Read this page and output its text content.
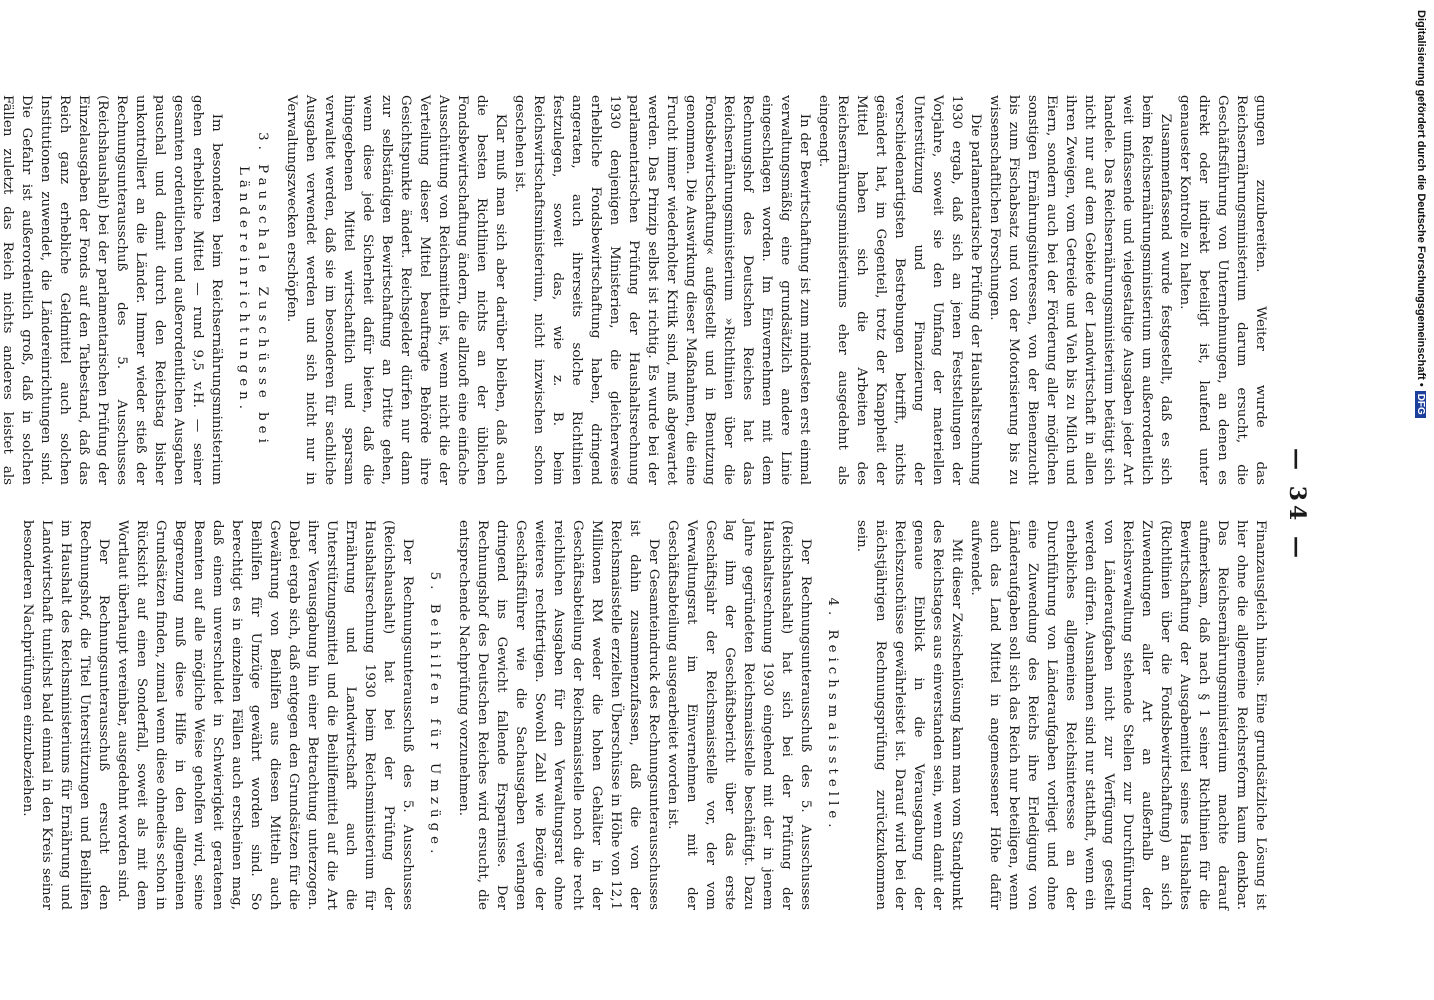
— 34 —

gungen zuzubereiten. Weiter wurde das Reichsernährungsministerium darum ersucht, die Geschäftsführung von Unternehmungen, an denen es direkt oder indirekt beteiligt ist, laufend unter genauester Kontrolle zu halten.

Zusammenfassend wurde festgestellt, daß es sich beim Reichsernährungsministerium um außerordentlich weit umfassende und vielgestaltige Ausgaben jeder Art handele. Das Reichsernährungsministerium betätigt sich nicht nur auf dem Gebiete der Landwirtschaft in allen ihren Zweigen, vom Getreide und Vieh bis zu Milch und Eiern, sondern auch bei der Förderung aller möglichen sonstigen Ernährungsinteressen, von der Bienenzucht bis zum Fischabsatz und von der Motorisierung bis zu wissenschaftlichen Forschungen.

Die parlamentarische Prüfung der Haushaltsrechnung 1930 ergab, daß sich an jenen Feststellungen der Vorjahre, soweit sie den Umfang der materiellen Unterstützung und Finanzierung der verschiedenartigsten Bestrebungen betrifft, nichts geändert hat, im Gegenteil, trotz der Knappheit der Mittel haben sich die Arbeiten des Reichsernährungsministeriums eher ausgedehnt als eingeengt.

In der Bewirtschaftung ist zum mindesten erst einmal verwaltungsmäßig eine grundsätzlich andere Linie eingeschlagen worden. Im Einvernehmen mit dem Rechnungshof des Deutschen Reiches hat das Reichsernährungsministerium »Richtlinien über die Fondsbewirtschaftung« aufgestellt und in Benutzung genommen. Die Auswirkung dieser Maßnahmen, die eine Frucht immer wiederholter Kritik sind, muß abgewartet werden. Das Prinzip selbst ist richtig. Es wurde bei der parlamentarischen Prüfung der Haushaltsrechnung 1930 denjenigen Ministerien, die gleicherweise erhebliche Fondsbewirtschaftung haben, dringend angeraten, auch ihrerseits solche Richtlinien festzulegen, soweit das, wie z. B. beim Reichswirtschaftsministerium, nicht inzwischen schon geschehen ist.

Klar muß man sich aber darüber bleiben, daß auch die besten Richtlinien nichts an der üblichen Fondsbewirtschaftung ändern, die allzuoft eine einfache Ausschüttung von Reichsmitteln ist, wenn nicht die der Verteilung dieser Mittel beauftragte Behörde ihre Gesichtspunkte ändert. Reichsgelder dürfen nur dann zur selbständigen Bewirtschaftung an Dritte gehen, wenn diese jede Sicherheit dafür bieten, daß die hingegebenen Mittel wirtschaftlich und sparsam verwaltet werden, daß sie im besonderen für sachliche Ausgaben verwendet werden und sich nicht nur in Verwaltungszwecken erschöpfen.

3. Pauschale Zuschüsse bei Ländereinrichtungen.

Im besonderen beim Reichsernährungsministerium gehen erhebliche Mittel — rund 9,5 v.H. — seiner gesamten ordentlichen und außerordentlichen Ausgaben pauschal und damit durch den Reichstag bisher unkontrolliert an die Länder. Immer wieder stieß der Rechnungsunterausschuß des 5. Ausschusses (Reichshaushalt) bei der parlamentarischen Prüfung der Einzelausgaben der Fonds auf den Tatbestand, daß das Reich ganz erhebliche Geldmittel auch solchen Institutionen zuwendet, die Ländereinrichtungen sind. Die Gefahr ist außerordentlich groß, daß in solchen Fällen zuletzt das Reich nichts anderes leistet als

Finanzausgleich hinaus. Eine grundsätzliche Lösung ist hier ohne die allgemeine Reichsreform kaum denkbar. Das Reichsernährungsministerium machte darauf aufmerksam, daß nach § 1 seiner Richtlinien für die Bewirtschaftung der Ausgabemittel seines Haushaltes (Richtlinien über die Fondsbewirtschaftung) an sich Zuwendungen aller Art an außerhalb der Reichsverwaltung stehende Stellen zur Durchführung von Länderaufgaben nicht zur Verfügung gestellt werden dürfen. Ausnahmen sind nur statthaft, wenn ein erhebliches allgemeines Reichsinteresse an der Durchführung von Länderaufgaben vorliegt und ohne eine Zuwendung des Reichs ihre Erledigung von Länderaufgaben soll sich das Reich nur beteiligen, wenn auch das Land Mittel in angemessener Höhe dafür aufwendet.

Mit dieser Zwischenlösung kann man vom Standpunkt des Reichstages aus einverstanden sein, wenn damit der genaue Einblick in die Verausgabung der Reichszuschüsse gewährleistet ist. Darauf wird bei der nächstjährigen Rechnungsprüfung zurückzukommen sein.

4. Reichsmaisstelle.

Der Rechnungsunterausschuß des 5. Ausschusses (Reichshaushalt) hat sich bei der Prüfung der Haushaltsrechnung 1930 eingehend mit der in jenem Jahre gegründeten Reichsmaisstelle beschäftigt. Dazu lag ihm der Geschäftsbericht über das erste Geschäftsjahr der Reichsmaisstelle vor, der vom Verwaltungsrat im Einvernehmen mit der Geschäftsabteilung ausgearbeitet worden ist.

Der Gesamteindruck des Rechnungsunterausschusses ist dahin zusammenzufassen, daß die von der Reichsmaisstelle erzielten Überschüsse in Höhe von 12,1 Millionen RM weder die hohen Gehälter in der Geschäftsabteilung der Reichsmaisstelle noch die recht reichlichen Ausgaben für den Verwaltungsrat ohne weiteres rechtfertigen. Sowohl Zahl wie Bezüge der Geschäftsführer wie die Sachausgaben verlangen dringend ins Gewicht fallende Ersparnisse. Der Rechnungshof des Deutschen Reiches wird ersucht, die entsprechende Nachprüfung vorzunehmen.

5. Beihilfen für Umzüge.

Der Rechnungsunterausschuß des 5. Ausschusses (Reichshaushalt) hat bei der Prüfung der Haushaltsrechnung 1930 beim Reichsministerium für Ernährung und Landwirtschaft auch die Unterstützungsmittel und die Beihilfemittel auf die Art ihrer Verausgabung hin einer Betrachtung unterzogen. Dabei ergab sich, daß entgegen den Grundsätzen für die Gewährung von Beihilfen aus diesen Mitteln auch Beihilfen für Umzüge gewährt worden sind. So berechtigt es in einzelnen Fällen auch erscheinen mag, daß einem unverschuldet in Schwierigkeit geratenen Beamten auf alle mögliche Weise geholfen wird, seine Begrenzung muß diese Hilfe in den allgemeinen Grundsätzen finden, zumal wenn diese ohnedies schon in Rücksicht auf einen Sonderfall, soweit als mit dem Wortlaut überhaupt vereinbar, ausgedehnt worden sind.

Der Rechnungsunterausschuß ersucht den Rechnungshof, die Titel Unterstützungen und Beihilfen im Haushalt des Reichsministeriums für Ernährung und Landwirtschaft tunlichst bald einmal in den Kreis seiner besonderen Nachprüfungen einzubeziehen.

Digitalisierung gefördert durch die Deutsche Forschungsgemeinschaft •DFG
